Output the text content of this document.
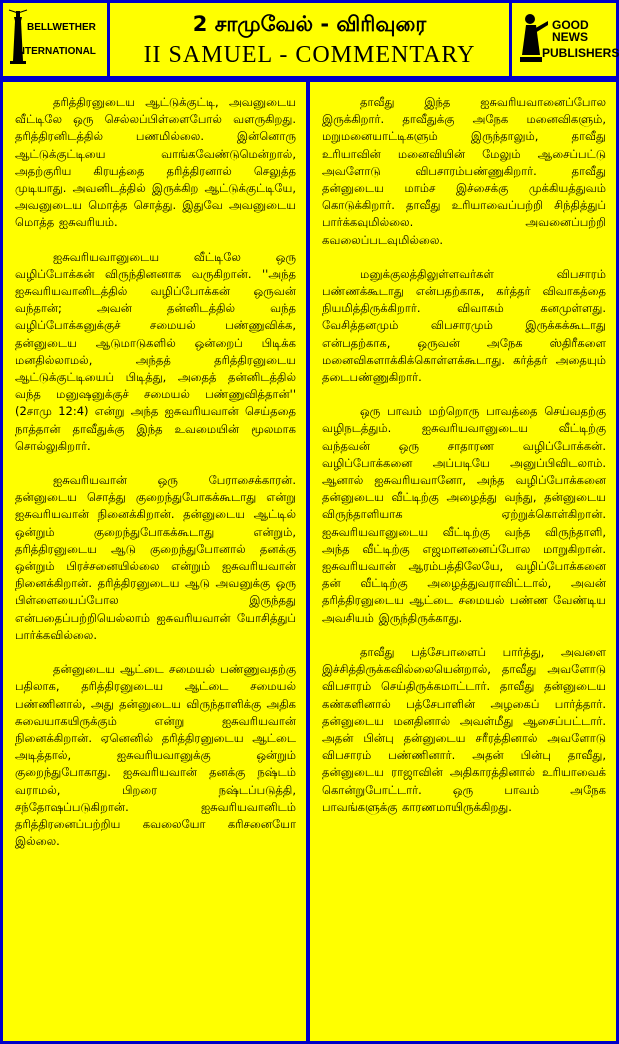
BELLWETHER
INTERNATIONAL
2 சாமுவேல் - விரிவுரை
II SAMUEL - COMMENTARY
GOOD NEWS
PUBLISHERS

தரித்திரனுடைய ஆட்டுக்குட்டி, அவனுடைய வீட்டிலே ஒரு செல்லப்பிள்ளைபோல் வளருகிறது. தரித்திரனிடத்தில் பணமில்லை. இன்னொரு ஆட்டுக்குட்டியை வாங்கவேண்டுமென்றால், அதற்குரிய கிரயத்தை தரித்திரனால் செலுத்த முடியாது. அவனிடத்தில் இருக்கிற ஆட்டுக்குட்டியே, அவனுடைய மொத்த சொத்து. இதுவே அவனுடைய மொத்த ஐசுவரியம்.

ஐசுவரியவானுடைய வீட்டிலே ஒரு வழிப்போக்கன் விருந்தினனாக வருகிறான். ''அந்த ஐசுவரியவானிடத்தில் வழிப்போக்கன் ஒருவன் வந்தான்; அவன் தன்னிடத்தில் வந்த வழிப்போக்கனுக்குச் சமையல் பண்ணுவிக்க, தன்னுடைய ஆடுமாடுகளில் ஒன்றைப் பிடிக்க மனதில்லாமல், அந்தத் தரித்திரனுடைய ஆட்டுக்குட்டியைப் பிடித்து, அதைத் தன்னிடத்தில் வந்த மனுஷனுக்குச் சமையல் பண்ணுவித்தான்'' (2சாமு 12:4) என்று அந்த ஐசுவரியவான் செய்ததை நாத்தான் தாவீதுக்கு இந்த உவமையின் மூலமாக சொல்லுகிறார்.

ஐசுவரியவான் ஒரு பேராசைக்காரன். தன்னுடைய சொத்து குறைந்துபோகக்கூடாது என்று ஐசுவரியவான் நினைக்கிறான். தன்னுடைய ஆட்டில் ஒன்றும் குறைந்துபோகக்கூடாது என்றும், தரித்திரனுடைய ஆடு குறைந்துபோனால் தனக்கு ஒன்றும் பிரச்சனையில்லை என்றும் ஐசுவரியவான் நினைக்கிறான். தரித்திரனுடைய ஆடு அவனுக்கு ஒரு பிள்ளையைப்போல இருந்தது என்பதைப்பற்றியெல்லாம் ஐசுவரியவான் யோசித்துப் பார்க்கவில்லை.

தன்னுடைய ஆட்டை சமையல் பண்ணுவதற்கு பதிலாக, தரித்திரனுடைய ஆட்டை சமையல் பண்ணினால், அது தன்னுடைய விருந்தாளிக்கு அதிக சுவையாகயிருக்கும் என்று ஐசுவரியவான் நினைக்கிறான். ஏனெனில் தரித்திரனுடைய ஆட்டை அடித்தால், ஐசுவரியவானுக்கு ஒன்றும் குறைந்துபோகாது. ஐசுவரியவான் தனக்கு நஷ்டம் வராமல், பிறரை நஷ்டப்படுத்தி, சந்தோஷப்படுகிறான். ஐசுவரியவானிடம் தரித்திரனைப்பற்றிய கவலையோ கரிசனையோ இல்லை.

தாவீது இந்த ஐசுவரியவானைப்போல இருக்கிறார். தாவீதுக்கு அநேக மனைவிகளும், மறுமனையாட்டிகளும் இருந்தாலும், தாவீது உரியாவின் மனைவியின் மேலும் ஆசைப்பட்டு அவளோடு விபசாரம்பண்ணுகிறார். தாவீது தன்னுடைய மாம்ச இச்சைக்கு முக்கியத்துவம் கொடுக்கிறார். தாவீது உரியாவைப்பற்றி சிந்தித்துப் பார்க்கவுமில்லை. அவனைப்பற்றி கவலைப்படவுமில்லை.

மனுக்குலத்திலுள்ளவர்கள் விபசாரம் பண்ணக்கூடாது என்பதற்காக, கர்த்தர் விவாகத்தை நியமித்திருக்கிறார். விவாகம் கனமுள்ளது. வேசித்தனமும் விபசாரமும் இருக்கக்கூடாது என்பதற்காக, ஒருவன் அநேக ஸ்திரீகளை மனைவிகளாக்கிக்கொள்ளக்கூடாது. கர்த்தர் அதையும் தடைபண்ணுகிறார்.

ஒரு பாவம் மற்றொரு பாவத்தை செய்வதற்கு வழிநடத்தும். ஐசுவரியவானுடைய வீட்டிற்கு வந்தவன் ஒரு சாதாரண வழிப்போக்கன். வழிப்போக்கனை அப்படியே அனுப்பிவிடலாம். ஆனால் ஐசுவரியவானோ, அந்த வழிப்போக்கனை தன்னுடைய வீட்டிற்கு அழைத்து வந்து, தன்னுடைய விருந்தாளியாக ஏற்றுக்கொள்கிறான். ஐசுவரியவானுடைய வீட்டிற்கு வந்த விருந்தாளி, அந்த வீட்டிற்கு எஜமானனைப்போல மாறுகிறான். ஐசுவரியவான் ஆரம்பத்திலேயே, வழிப்போக்கனை தன் வீட்டிற்கு அழைத்துவராவிட்டால், அவன் தரித்திரனுடைய ஆட்டை சமையல் பண்ண வேண்டிய அவசியம் இருந்திருக்காது.

தாவீது பத்சேபாளைப் பார்த்து, அவளை இச்சித்திருக்கவில்லையென்றால், தாவீது அவளோடு விபசாரம் செய்திருக்கமாட்டார். தாவீது தன்னுடைய கண்களினால் பத்சேபாளின் அழகைப் பார்த்தார். தன்னுடைய மனதினால் அவள்மீது ஆசைப்பட்டார். அதன் பின்பு தன்னுடைய சரீரத்தினால் அவளோடு விபசாரம் பண்ணினார். அதன் பின்பு தாவீது, தன்னுடைய ராஜாவின் அதிகாரத்தினால் உரியாவைக் கொன்றுபோட்டார். ஒரு பாவம் அநேக பாவங்களுக்கு காரணமாயிருக்கிறது.
